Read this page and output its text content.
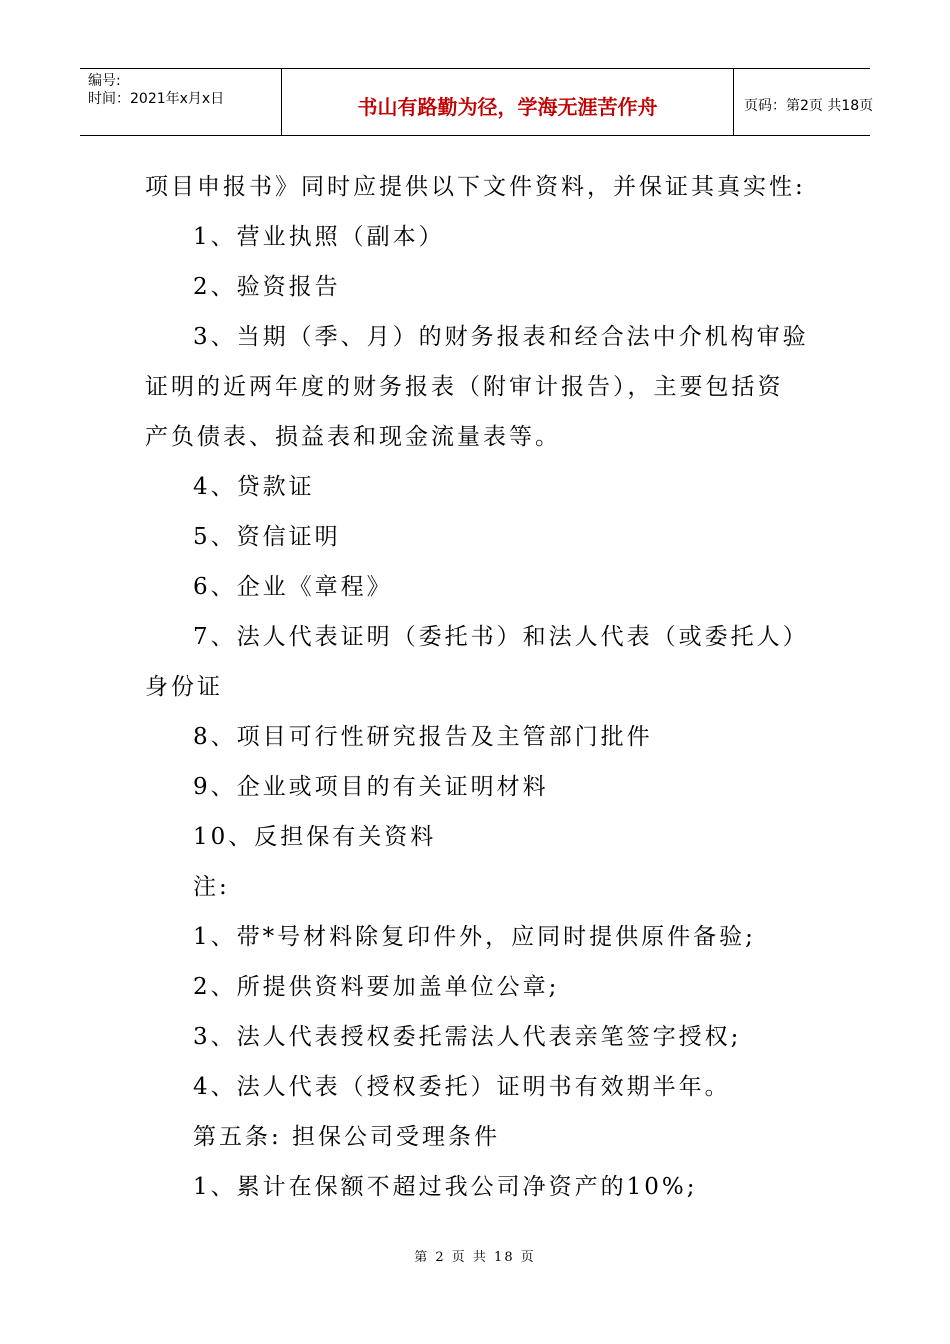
编号:
时间：2021年x月x日	书山有路勤为径，学海无涯苦作舟	页码：第2页 共18页
项目申报书》同时应提供以下文件资料，并保证其真实性:
1、营业执照（副本）
2、验资报告
3、当期（季、月）的财务报表和经合法中介机构审验
证明的近两年度的财务报表（附审计报告），主要包括资
产负债表、损益表和现金流量表等。
4、贷款证
5、资信证明
6、企业《章程》
7、法人代表证明（委托书）和法人代表（或委托人）
身份证
8、项目可行性研究报告及主管部门批件
9、企业或项目的有关证明材料
10、反担保有关资料
注:
1、带*号材料除复印件外，应同时提供原件备验;
2、所提供资料要加盖单位公章;
3、法人代表授权委托需法人代表亲笔签字授权;
4、法人代表（授权委托）证明书有效期半年。
第五条: 担保公司受理条件
1、累计在保额不超过我公司净资产的10%;
第 2 页 共 18 页
